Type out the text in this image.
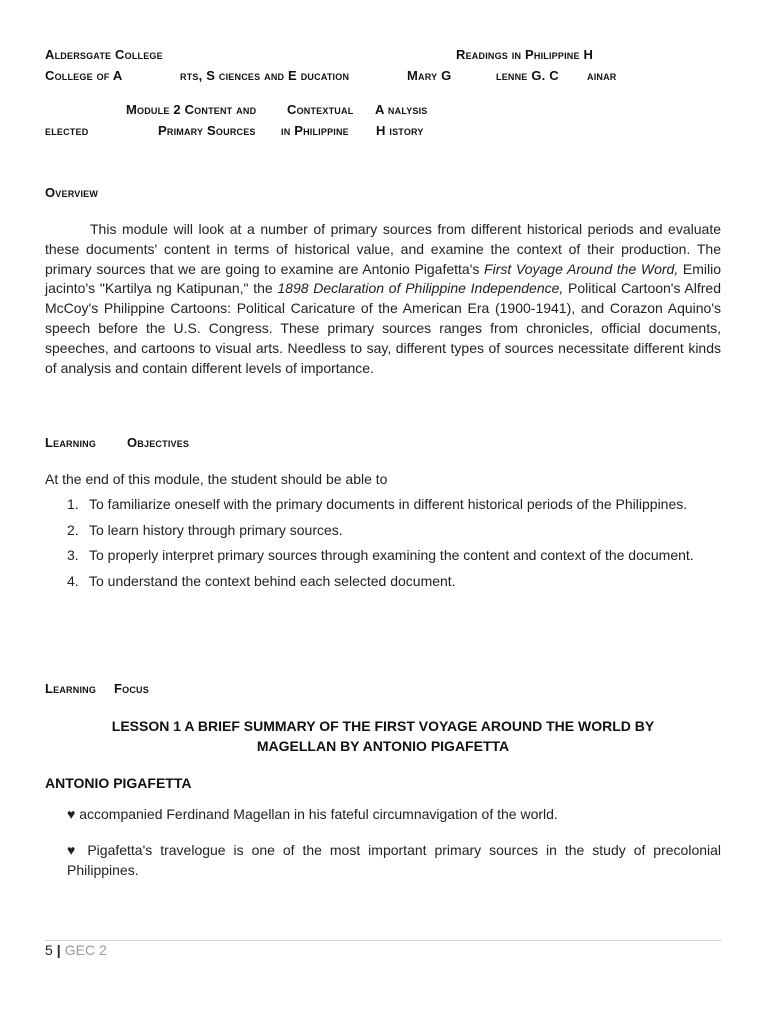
Aldersgate College	Readings in Philippine H
College of A	rts, S ciences and E ducation	Mary G	lenne G. C ainar
Module 2 Content and Contextual A nalysis
elected	Primary Sources in Philippine H istory
Overview
This module will look at a number of primary sources from different historical periods and evaluate these documents' content in terms of historical value, and examine the context of their production. The primary sources that we are going to examine are Antonio Pigafetta's First Voyage Around the Word, Emilio jacinto's "Kartilya ng Katipunan," the 1898 Declaration of Philippine Independence, Political Cartoon's Alfred McCoy's Philippine Cartoons: Political Caricature of the American Era (1900-1941), and Corazon Aquino's speech before the U.S. Congress. These primary sources ranges from chronicles, official documents, speeches, and cartoons to visual arts. Needless to say, different types of sources necessitate different kinds of analysis and contain different levels of importance.
Learning Objectives
At the end of this module, the student should be able to
1. To familiarize oneself with the primary documents in different historical periods of the Philippines.
2. To learn history through primary sources.
3. To properly interpret primary sources through examining the content and context of the document.
4. To understand the context behind each selected document.
Learning Focus
LESSON 1 A BRIEF SUMMARY OF THE FIRST VOYAGE AROUND THE WORLD BY
MAGELLAN BY ANTONIO PIGAFETTA
ANTONIO PIGAFETTA
♥ accompanied Ferdinand Magellan in his fateful circumnavigation of the world.
♥ Pigafetta's travelogue is one of the most important primary sources in the study of precolonial Philippines.
5 | GEC 2
